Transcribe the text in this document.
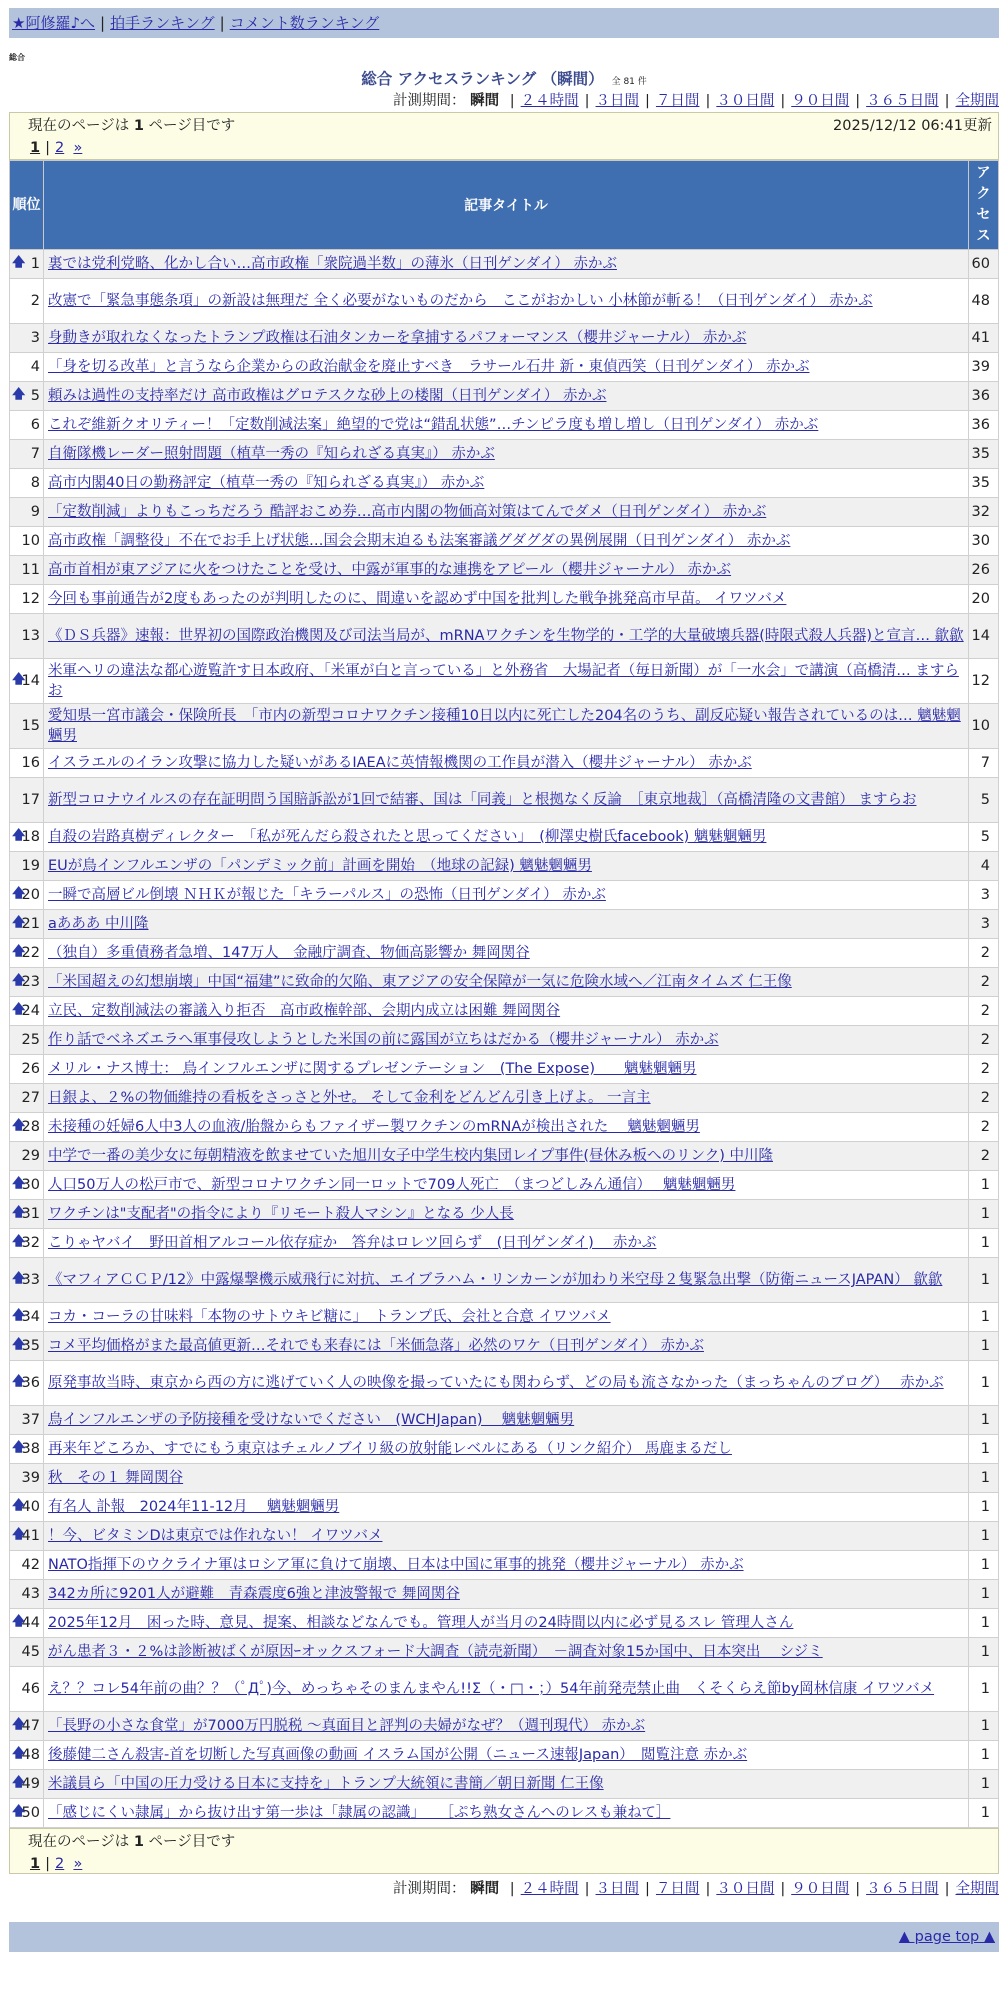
★阿修羅♪へ | 拍手ランキング | コメント数ランキング
総合
総合 アクセスランキング （瞬間） 全 81 件
計測期間： 瞬間 | ２４時間 | ３日間 | ７日間 | ３０日間 | ９０日間 | ３６５日間 | 全期間
現在のページは 1 ページ目です	2025/12/12 06:41更新
1 | 2 »
順位	記事タイトル	アクセス

🡅 1	裏では党利党略、化かし合い…高市政権「衆院過半数」の薄氷（日刊ゲンダイ） 赤かぶ	60
2	改憲で「緊急事態条項」の新設は無理だ 全く必要がないものだから　ここがおかしい 小林節が斬る！（日刊ゲンダイ） 赤かぶ	48
3	身動きが取れなくなったトランプ政権は石油タンカーを拿捕するパフォーマンス（櫻井ジャーナル） 赤かぶ	41
4	「身を切る改革」と言うなら企業からの政治献金を廃止すべき　ラサール石井 新・東偵西笑（日刊ゲンダイ） 赤かぶ	39

🡅 5	頼みは過性の支持率だけ 高市政権はグロテスクな砂上の楼閣（日刊ゲンダイ） 赤かぶ	36
6	これぞ維新クオリティー！「定数削減法案」絶望的で党は“錯乱状態”…チンピラ度も増し増し（日刊ゲンダイ） 赤かぶ	36
7	自衛隊機レーダー照射問題（植草一秀の『知られざる真実』） 赤かぶ	35
8	高市内閣40日の勤務評定（植草一秀の『知られざる真実』） 赤かぶ	35
9	「定数削減」よりもこっちだろう 酷評おこめ券…高市内閣の物価高対策はてんでダメ（日刊ゲンダイ） 赤かぶ	32
10	高市政権「調整役」不在でお手上げ状態…国会会期末迫るも法案審議グダグダの異例展開（日刊ゲンダイ） 赤かぶ	30
11	高市首相が東アジアに火をつけたことを受け、中露が軍事的な連携をアピール（櫻井ジャーナル） 赤かぶ	26
12	今回も事前通告が2度もあったのが判明したのに、間違いを認めず中国を批判した戦争挑発高市早苗。 イワツバメ	20
13	《ＤＳ兵器》速報：世界初の国際政治機関及び司法当局が、mRNAワクチンを生物学的・工学的大量破壊兵器(時限式殺人兵器)と宣言… 歙歙	14

🡅
14	米軍ヘリの違法な都心遊覧許す日本政府、「米軍が白と言っている」と外務省　大場記者（毎日新聞）が「一水会」で講演（高橋清… ますらお	12
15	愛知県一宮市議会・保険所長　「市内の新型コロナワクチン接種10日以内に死亡した204名のうち、副反応疑い報告されているのは… 魑魅魍魎男	10
16	イスラエルのイラン攻撃に協力した疑いがあるIAEAに英情報機関の工作員が潜入（櫻井ジャーナル） 赤かぶ	7
17	新型コロナウイルスの存在証明問う国賠訴訟が1回で結審、国は「同義」と根拠なく反論　［東京地裁］（高橋清隆の文書館） ますらお	5

🡅
18	自殺の岩路真樹ディレクター　「私が死んだら殺されたと思ってください」　(柳澤史樹氏facebook) 魑魅魍魎男	5
19	EUが鳥インフルエンザの「パンデミック前」計画を開始　（地球の記録) 魑魅魍魎男	4

🡅
20	一瞬で高層ビル倒壊 ＮＨＫが報じた「キラーパルス」の恐怖（日刊ゲンダイ） 赤かぶ	3

🡅
21	aあああ 中川隆	3

🡅
22	（独自）多重債務者急増、147万人　金融庁調査、物価高影響か 舞岡関谷	2

🡅
23	「米国超えの幻想崩壊」中国“福建”に致命的欠陥、東アジアの安全保障が一気に危険水域へ／江南タイムズ 仁王像	2

🡅
24	立民、定数削減法の審議入り拒否　高市政権幹部、会期内成立は困難 舞岡関谷	2
25	作り話でベネズエラへ軍事侵攻しようとした米国の前に露国が立ちはだかる（櫻井ジャーナル） 赤かぶ	2
26	メリル・ナス博士： 鳥インフルエンザに関するプレゼンテーション　(The Expose)　　魑魅魍魎男	2
27	日銀よ、２%の物価維持の看板をさっさと外せ。 そして金利をどんどん引き上げよ。 一言主	2

🡅
28	未接種の妊婦6人中3人の血液/胎盤からもファイザー製ワクチンのmRNAが検出された　 魑魅魍魎男	2
29	中学で一番の美少女に毎朝精液を飲ませていた旭川女子中学生校内集団レイプ事件(昼休み板へのリンク) 中川隆	2

🡅
30	人口50万人の松戸市で、新型コロナワクチン同一ロットで709人死亡　（まつどしみん通信）　 魑魅魍魎男	1

🡅
31	ワクチンは"支配者"の指令により『リモート殺人マシン』となる 少人長	1

🡅
32	こりゃヤバイ　野田首相アルコール依存症か　答弁はロレツ回らず　(日刊ゲンダイ)　 赤かぶ	1

🡅
33	《マフィアＣＣＰ/12》中露爆撃機示威飛行に対抗、エイブラハム・リンカーンが加わり米空母２隻緊急出撃（防衛ニュースJAPAN） 歙歙	1

🡅
34	コカ・コーラの甘味料「本物のサトウキビ糖に」　トランプ氏、会社と合意 イワツバメ	1

🡅
35	コメ平均価格がまた最高値更新…それでも来春には「米価急落」必然のワケ（日刊ゲンダイ） 赤かぶ	1

🡅
36	原発事故当時、東京から西の方に逃げていく人の映像を撮っていたにも関わらず、どの局も流さなかった（まっちゃんのブログ）　 赤かぶ	1
37	鳥インフルエンザの予防接種を受けないでください　(WCHJapan)　 魑魅魍魎男	1

🡅
38	再来年どころか、すでにもう東京はチェルノブイリ級の放射能レベルにある（リンク紹介） 馬鹿まるだし	1
39	秋　その１ 舞岡関谷	1

🡅
40	有名人 訃報　2024年11-12月　 魑魅魍魎男	1

🡅
41	！今、ビタミンDは東京では作れない！ イワツバメ	1
42	NATO指揮下のウクライナ軍はロシア軍に負けて崩壊、日本は中国に軍事的挑発（櫻井ジャーナル） 赤かぶ	1
43	342カ所に9201人が避難　青森震度6強と津波警報で 舞岡関谷	1

🡅
44	2025年12月　困った時、意見、提案、相談などなんでも。管理人が当月の24時間以内に必ず見るスレ 管理人さん	1
45	がん患者３・２%は診断被ばくが原因ｰオックスフォード大調査（読売新聞）　－調査対象15か国中、日本突出　 シジミ	1
46	え？？コレ54年前の曲？？（ﾟДﾟ)今、めっちゃそのまんまやん!!Σ（・□・；）54年前発売禁止曲　くそくらえ節by岡林信康 イワツバメ	1

🡅
47	「長野の小さな食堂」が7000万円脱税 ～真面目と評判の夫婦がなぜ？（週刊現代） 赤かぶ	1

🡅
48	後藤健二さん殺害-首を切断した写真画像の動画 イスラム国が公開（ニュース速報Japan）　閲覧注意 赤かぶ	1

🡅
49	米議員ら「中国の圧力受ける日本に支持を」トランプ大統領に書簡／朝日新聞 仁王像	1

🡅
50	「感じにくい隷属」から抜け出す第一歩は「隷属の認識」　　［ぷち熟女さんへのレスも兼ねて］	1
現在のページは 1 ページ目です
1 | 2 »
計測期間： 瞬間 | ２４時間 | ３日間 | ７日間 | ３０日間 | ９０日間 | ３６５日間 | 全期間
▲ page top ▲
